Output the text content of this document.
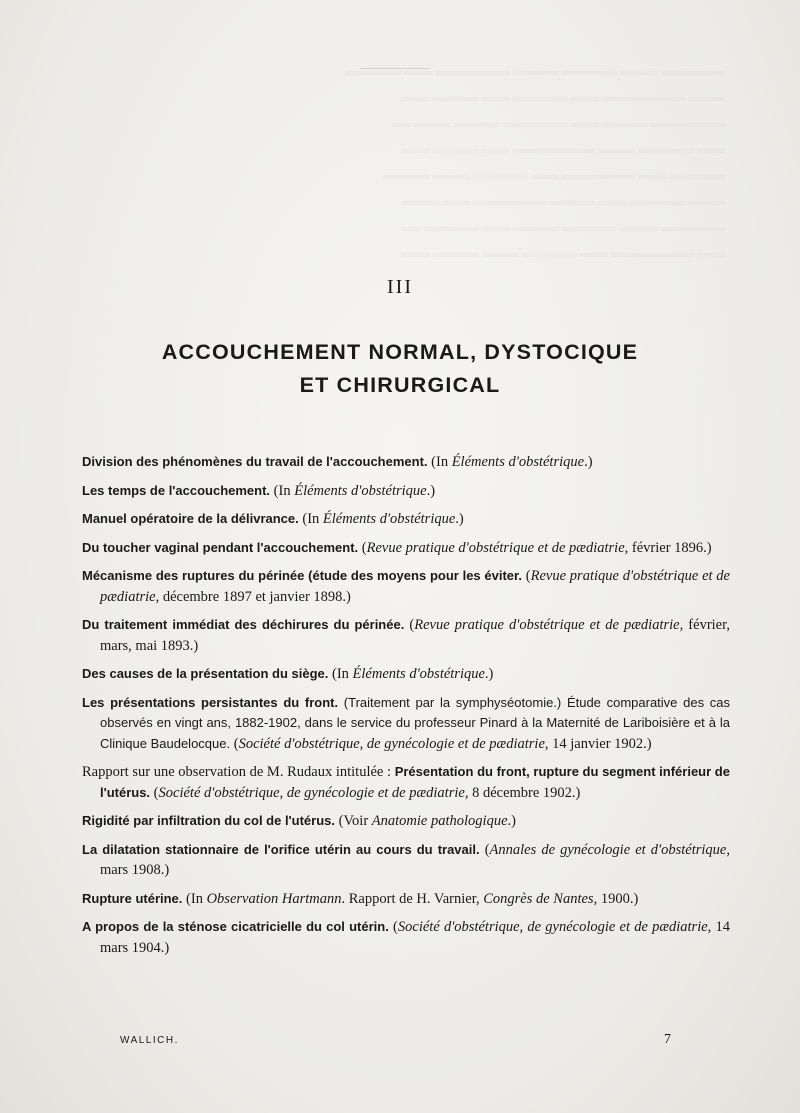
═══════ ════ ══════ ═════ ════════ ═══ ══════
════ ═════════ ═══ ══════ ═══ ═════ ═══
════════ ═════ ═══ ═══════ ═════ ════ ══
═══ ══════ ════ ═════════ ═══ ═════ ═══
══════ ═══ ════════ ═══ ══════ ════ ═════
════ ══════ ═══ ═════ ════════ ═══ ════
═══════ ════ ══════ ═════ ═══ ══════ ══
═══ ═════════ ═══ ══════ ════ ═════ ═══
III
ACCOUCHEMENT NORMAL, DYSTOCIQUE
ET CHIRURGICAL

Division des phénomènes du travail de l'accouchement. (In Éléments d'obstétrique.)

Les temps de l'accouchement. (In Éléments d'obstétrique.)

Manuel opératoire de la délivrance. (In Éléments d'obstétrique.)

Du toucher vaginal pendant l'accouchement. (Revue pratique d'obstétrique et de pædiatrie, février 1896.)

Mécanisme des ruptures du périnée (étude des moyens pour les éviter. (Revue pratique d'obstétrique et de pædiatrie, décembre 1897 et janvier 1898.)

Du traitement immédiat des déchirures du périnée. (Revue pratique d'obstétrique et de pædiatrie, février, mars, mai 1893.)

Des causes de la présentation du siège. (In Éléments d'obstétrique.)

Les présentations persistantes du front. (Traitement par la symphyséotomie.) Étude comparative des cas observés en vingt ans, 1882-1902, dans le service du professeur Pinard à la Maternité de Lariboisière et à la Clinique Baudelocque. (Société d'obstétrique, de gynécologie et de pædiatrie, 14 janvier 1902.)

Rapport sur une observation de M. Rudaux intitulée : Présentation du front, rupture du segment inférieur de l'utérus. (Société d'obstétrique, de gynécologie et de pædiatrie, 8 décembre 1902.)

Rigidité par infiltration du col de l'utérus. (Voir Anatomie pathologique.)

La dilatation stationnaire de l'orifice utérin au cours du travail. (Annales de gynécologie et d'obstétrique, mars 1908.)

Rupture utérine. (In Observation Hartmann. Rapport de H. Varnier, Congrès de Nantes, 1900.)

A propos de la sténose cicatricielle du col utérin. (Société d'obstétrique, de gynécologie et de pædiatrie, 14 mars 1904.)

WALLICH.	7
